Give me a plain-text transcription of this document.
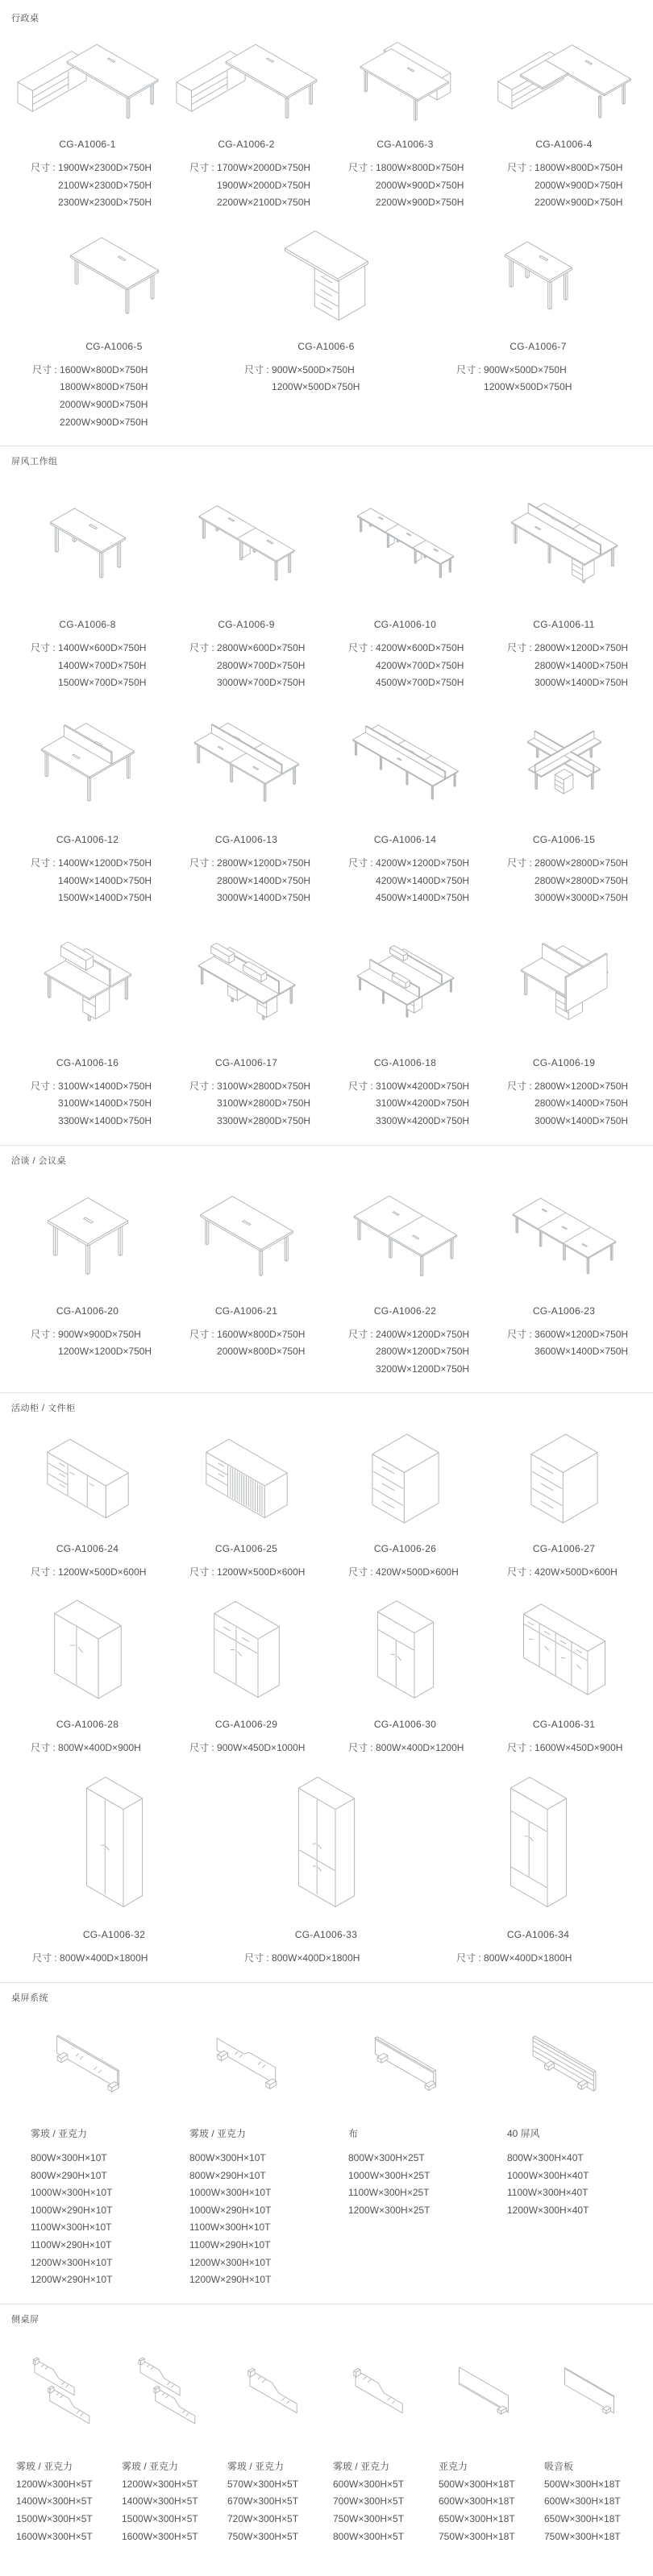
行政桌
CG-A1006-1
尺寸 : 1900W×2300D×750H
2100W×2300D×750H
2300W×2300D×750H
CG-A1006-2
尺寸 : 1700W×2000D×750H
1900W×2000D×750H
2200W×2100D×750H
CG-A1006-3
尺寸 : 1800W×800D×750H
2000W×900D×750H
2200W×900D×750H
CG-A1006-4
尺寸 : 1800W×800D×750H
2000W×900D×750H
2200W×900D×750H
CG-A1006-5
尺寸 : 1600W×800D×750H
1800W×800D×750H
2000W×900D×750H
2200W×900D×750H
CG-A1006-6
尺寸 : 900W×500D×750H
1200W×500D×750H
CG-A1006-7
尺寸 : 900W×500D×750H
1200W×500D×750H
屏风工作组
CG-A1006-8
尺寸 : 1400W×600D×750H
1400W×700D×750H
1500W×700D×750H
CG-A1006-9
尺寸 : 2800W×600D×750H
2800W×700D×750H
3000W×700D×750H
CG-A1006-10
尺寸 : 4200W×600D×750H
4200W×700D×750H
4500W×700D×750H
CG-A1006-11
尺寸 : 2800W×1200D×750H
2800W×1400D×750H
3000W×1400D×750H
CG-A1006-12
尺寸 : 1400W×1200D×750H
1400W×1400D×750H
1500W×1400D×750H
CG-A1006-13
尺寸 : 2800W×1200D×750H
2800W×1400D×750H
3000W×1400D×750H
CG-A1006-14
尺寸 : 4200W×1200D×750H
4200W×1400D×750H
4500W×1400D×750H
CG-A1006-15
尺寸 : 2800W×2800D×750H
2800W×2800D×750H
3000W×3000D×750H
CG-A1006-16
尺寸 : 3100W×1400D×750H
3100W×1400D×750H
3300W×1400D×750H
CG-A1006-17
尺寸 : 3100W×2800D×750H
3100W×2800D×750H
3300W×2800D×750H
CG-A1006-18
尺寸 : 3100W×4200D×750H
3100W×4200D×750H
3300W×4200D×750H
CG-A1006-19
尺寸 : 2800W×1200D×750H
2800W×1400D×750H
3000W×1400D×750H
洽谈 / 会议桌
CG-A1006-20
尺寸 : 900W×900D×750H
1200W×1200D×750H
CG-A1006-21
尺寸 : 1600W×800D×750H
2000W×800D×750H
CG-A1006-22
尺寸 : 2400W×1200D×750H
2800W×1200D×750H
3200W×1200D×750H
CG-A1006-23
尺寸 : 3600W×1200D×750H
3600W×1400D×750H
活动柜 / 文件柜
CG-A1006-24
尺寸 : 1200W×500D×600H
CG-A1006-25
尺寸 : 1200W×500D×600H
CG-A1006-26
尺寸 : 420W×500D×600H
CG-A1006-27
尺寸 : 420W×500D×600H
CG-A1006-28
尺寸 : 800W×400D×900H
CG-A1006-29
尺寸 : 900W×450D×1000H
CG-A1006-30
尺寸 : 800W×400D×1200H
CG-A1006-31
尺寸 : 1600W×450D×900H
CG-A1006-32
尺寸 : 800W×400D×1800H
CG-A1006-33
尺寸 : 800W×400D×1800H
CG-A1006-34
尺寸 : 800W×400D×1800H
桌屏系统
雾玻 / 亚克力
800W×300H×10T
800W×290H×10T
1000W×300H×10T
1000W×290H×10T
1100W×300H×10T
1100W×290H×10T
1200W×300H×10T
1200W×290H×10T
雾玻 / 亚克力
800W×300H×10T
800W×290H×10T
1000W×300H×10T
1000W×290H×10T
1100W×300H×10T
1100W×290H×10T
1200W×300H×10T
1200W×290H×10T
布
800W×300H×25T
1000W×300H×25T
1100W×300H×25T
1200W×300H×25T
40 屏风
800W×300H×40T
1000W×300H×40T
1100W×300H×40T
1200W×300H×40T
侧桌屏
雾玻 / 亚克力
1200W×300H×5T
1400W×300H×5T
1500W×300H×5T
1600W×300H×5T
雾玻 / 亚克力
1200W×300H×5T
1400W×300H×5T
1500W×300H×5T
1600W×300H×5T
雾玻 / 亚克力
570W×300H×5T
670W×300H×5T
720W×300H×5T
750W×300H×5T
雾玻 / 亚克力
600W×300H×5T
700W×300H×5T
750W×300H×5T
800W×300H×5T
亚克力
500W×300H×18T
600W×300H×18T
650W×300H×18T
750W×300H×18T
吸音板
500W×300H×18T
600W×300H×18T
650W×300H×18T
750W×300H×18T
